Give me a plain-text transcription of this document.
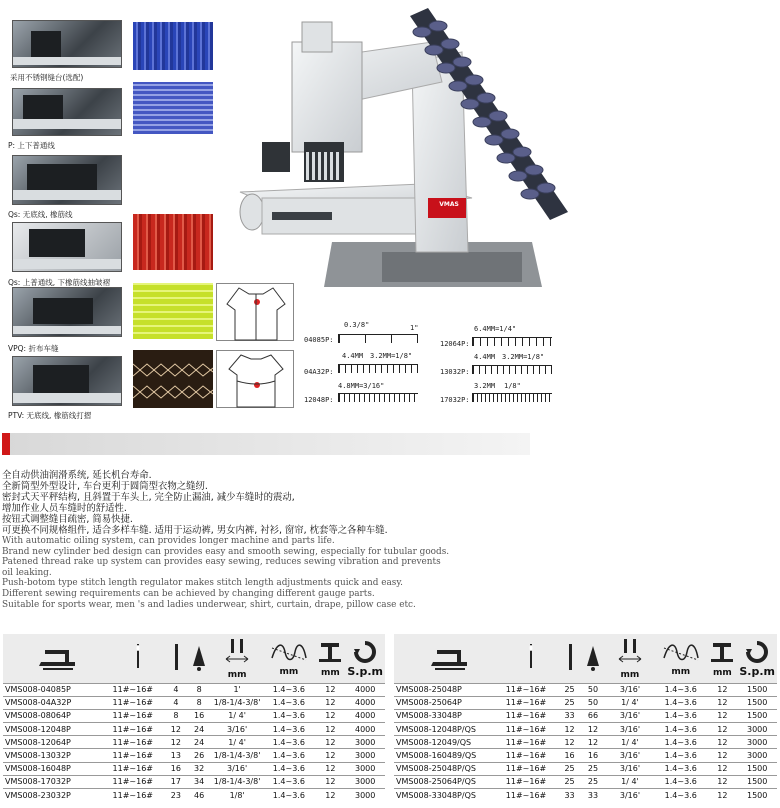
采用不锈钢缝台(选配)
P: 上下普通线
Qs: 无底线, 橡筋线
Qs: 上普通线, 下橡筋线抽皱褶
VPQ: 折布车缝
PTV: 无底线, 橡筋线打摺
VMAS
04085P:
0.3/8"	1"
04A32P:
4.4MM 3.2MM=1/8"
12048P:
4.8MM=3/16"
12064P:
6.4MM=1/4"
13032P:
4.4MM 3.2MM=1/8"
17032P:
3.2MM 1/8"
全自动供油润滑系统, 延长机台寿命.
全新筒型外型设计, 车台更利于圆筒型衣物之缝纫.
密封式天平秤结构, 且斜置于车头上, 完全防止漏油, 减少车缝时的震动,
增加作业人员车缝时的舒适性.
按钮式调整缝目疏密, 简易快捷.
可更换不同规格组件, 适合多样车缝. 适用于运动裤, 男女内裤, 衬衫, 窗帘, 枕套等之各种车缝.
With automatic oiling system, can provides longer machine and parts life.
Brand new cylinder bed design can provides easy and smooth sewing, especially for tubular goods.
Patened thread rake up system can provides easy sewing, reduces sewing vibration and prevents
oil leaking.
Push-botom type stitch length regulator makes stitch length adjustments quick and easy.
Different sewing requirements can be achieved by changing different gauge parts.
Suitable for sports wear, men 's and ladies underwear, shirt, curtain, drape, pillow case etc.

mm	mm	mm	S.p.m

VMS008-04085P	11#~16#	4	8	1'	1.4~3.6	12	4000
VMS008-04A32P	11#~16#	4	8	1/8-1/4-3/8'	1.4~3.6	12	4000
VMS008-08064P	11#~16#	8	16	1/ 4'	1.4~3.6	12	4000
VMS008-12048P	11#~16#	12	24	3/16'	1.4~3.6	12	4000
VMS008-12064P	11#~16#	12	24	1/ 4'	1.4~3.6	12	3000
VMS008-13032P	11#~16#	13	26	1/8-1/4-3/8'	1.4~3.6	12	3000
VMS008-16048P	11#~16#	16	32	3/16'	1.4~3.6	12	3000
VMS008-17032P	11#~16#	17	34	1/8-1/4-3/8'	1.4~3.6	12	3000
VMS008-23032P	11#~16#	23	46	1/8'	1.4~3.6	12	3000

mm	mm	mm	S.p.m

VMS008-25048P	11#~16#	25	50	3/16'	1.4~3.6	12	1500
VMS008-25064P	11#~16#	25	50	1/ 4'	1.4~3.6	12	1500
VMS008-33048P	11#~16#	33	66	3/16'	1.4~3.6	12	1500
VMS008-12048P/QS	11#~16#	12	12	3/16'	1.4~3.6	12	3000
VMS008-12049/QS	11#~16#	12	12	1/ 4'	1.4~3.6	12	3000
VMS008-160489/QS	11#~16#	16	16	3/16'	1.4~3.6	12	3000
VMS008-25048P/QS	11#~16#	25	25	3/16'	1.4~3.6	12	1500
VMS008-25064P/QS	11#~16#	25	25	1/ 4'	1.4~3.6	12	1500
VMS008-33048P/QS	11#~16#	33	33	3/16'	1.4~3.6	12	1500
